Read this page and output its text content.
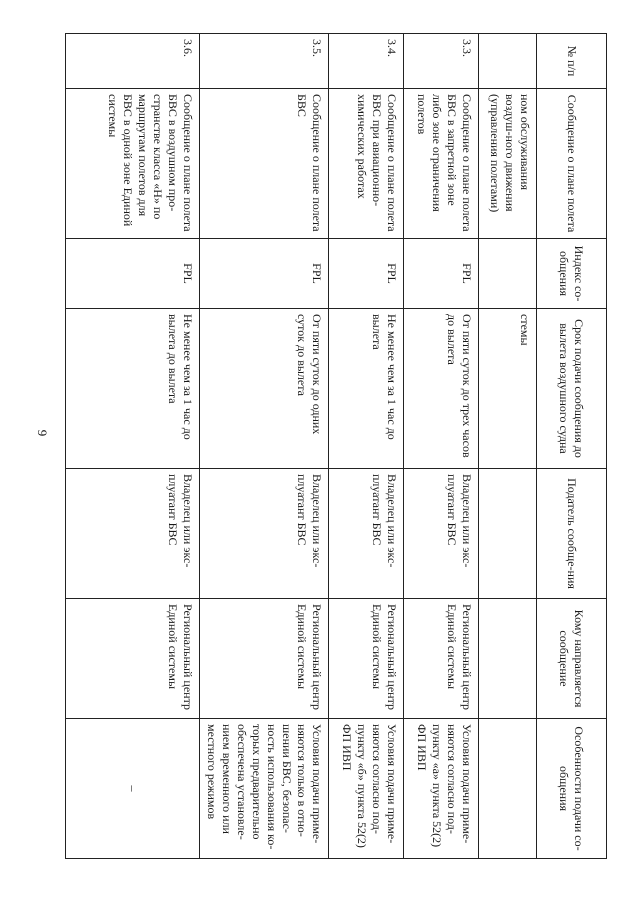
9
№ п/п	Сообщение о плане полета	Индекс со-общения	Срок подачи сообщения до вылета воздушного судна	Податель сообще-ния	Кому направляется сообщение	Особенности подачи со-общения
	ном обслуживания воздуш-ного движения (управления полетами)		стемы			
3.3.	Сообщение о плане полета БВС в запретной зоне либо зоне ограничения полетов	FPL	От пяти суток до трех часов до вылета	Владелец или экс-плуатант БВС	Региональный центр Единой системы	Условия подачи приме-няются согласно под-пункту «а» пункта 52(2) ФП ИВП
3.4.	Сообщение о плане полета БВС при авиационно-химических работах	FPL	Не менее чем за 1 час до вылета	Владелец или экс-плуатант БВС	Региональный центр Единой системы	Условия подачи приме-няются согласно под-пункту «б» пункта 52(2) ФП ИВП
3.5.	Сообщение о плане полета БВС	FPL	От пяти суток до одних суток до вылета	Владелец или экс-плуатант БВС	Региональный центр Единой системы	Условия подачи приме-няются только в отно-шении БВС, безопас-ность использования ко-торых предварительно обеспечена установле-нием временного или местного режимов
3.6.	Сообщение о плане полета БВС в воздушном про-странстве класса «Н» по маршрутам полетов для БВС в одной зоне Единой системы	FPL	Не менее чем за 1 час до вылета до вылета	Владелец или экс-плуатант БВС	Региональный центр Единой системы	–
